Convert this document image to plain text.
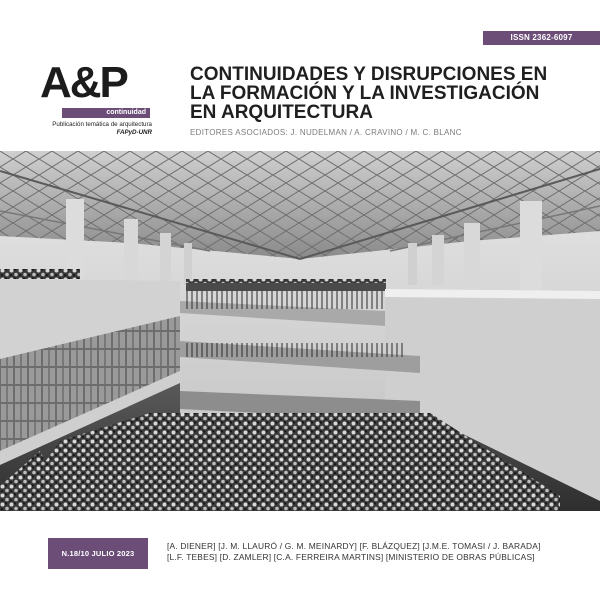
ISSN 2362-6097
A&P
continuidad
Publicación temática de arquitectura
FAPyD-UNR
CONTINUIDADES Y DISRUPCIONES EN
LA FORMACIÓN Y LA INVESTIGACIÓN
EN ARQUITECTURA
EDITORES ASOCIADOS: J. NUDELMAN / A. CRAVINO / M. C. BLANC
N.18/10 JULIO 2023
[A. DIENER] [J. M. LLAURÓ / G. M. MEINARDY] [F. BLÁZQUEZ] [J.M.E. TOMASI / J. BARADA]
[L.F. TEBES] [D. ZAMLER] [C.A. FERREIRA MARTINS] [MINISTERIO DE OBRAS PÚBLICAS]
